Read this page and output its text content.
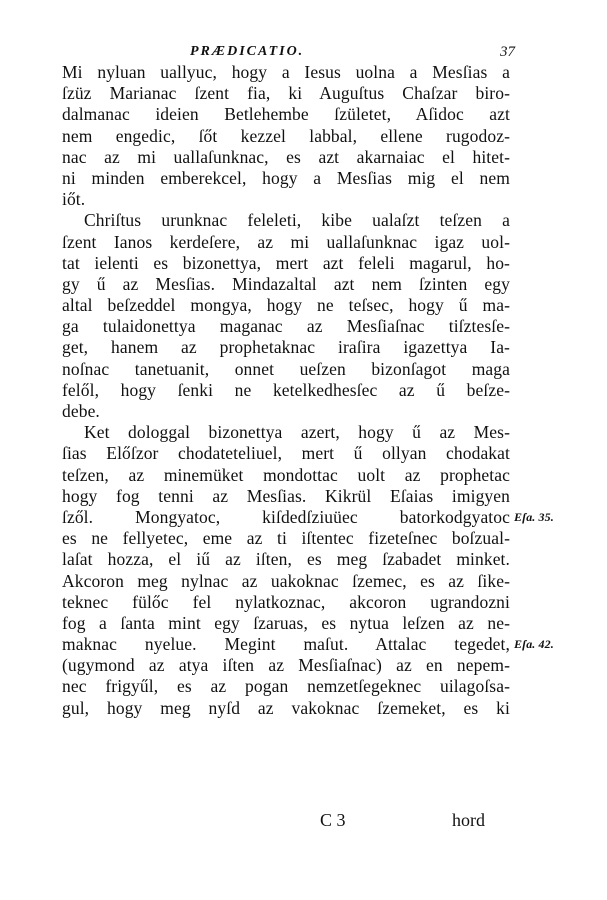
PRÆDICATIO.	37
Mi nyluan uallyuc, hogy a Iesus uolna a Mesſias a
ſzüz Marianac ſzent fia, ki Auguſtus Chaſzar biro-
dalmanac ideien Betlehembe ſzületet, Aſidoc azt
nem engedic, ſőt kezzel labbal, ellene rugodoz-
nac az mi uallaſunknac, es azt akarnaiac el hitet-
ni minden emberekcel, hogy a Mesſias mig el nem
iőt.
Chriſtus urunknac feleleti, kibe ualaſzt teſzen a
ſzent Ianos kerdeſere, az mi uallaſunknac igaz uol-
tat ielenti es bizonettya, mert azt feleli magarul, ho-
gy ű az Mesſias. Mindazaltal azt nem ſzinten egy
altal beſzeddel mongya, hogy ne teſsec, hogy ű ma-
ga tulaidonettya maganac az Mesſiaſnac tiſztesſe-
get, hanem az prophetaknac iraſira igazettya Ia-
noſnac tanetuanit, onnet ueſzen bizonſagot maga
felől, hogy ſenki ne ketelkedhesſec az ű beſze-
debe.
Ket dologgal bizonettya azert, hogy ű az Mes-
ſias Előſzor chodateteliuel, mert ű ollyan chodakat
teſzen, az minemüket mondottac uolt az prophetac
hogy fog tenni az Mesſias. Kikrül Eſaias imigyen
ſzől. Mongyatoc, kiſdedſziuüec batorkodgyatoc Eſa. 35.
es ne fellyetec, eme az ti iſtentec fizeteſnec boſzual-
laſat hozza, el iű az iſten, es meg ſzabadet minket.
Akcoron meg nylnac az uakoknac ſzemec, es az ſike-
teknec fülőc fel nylatkoznac, akcoron ugrandozni
fog a ſanta mint egy ſzaruas, es nytua leſzen az ne-
maknac nyelue. Megint maſut. Attalac tegedet, Eſa. 42.
(ugymond az atya iſten az Mesſiaſnac) az en nepem-
nec frigyűl, es az pogan nemzetſegeknec uilagoſsa-
gul, hogy meg nyſd az vakoknac ſzemeket, es ki
C 3	hord
